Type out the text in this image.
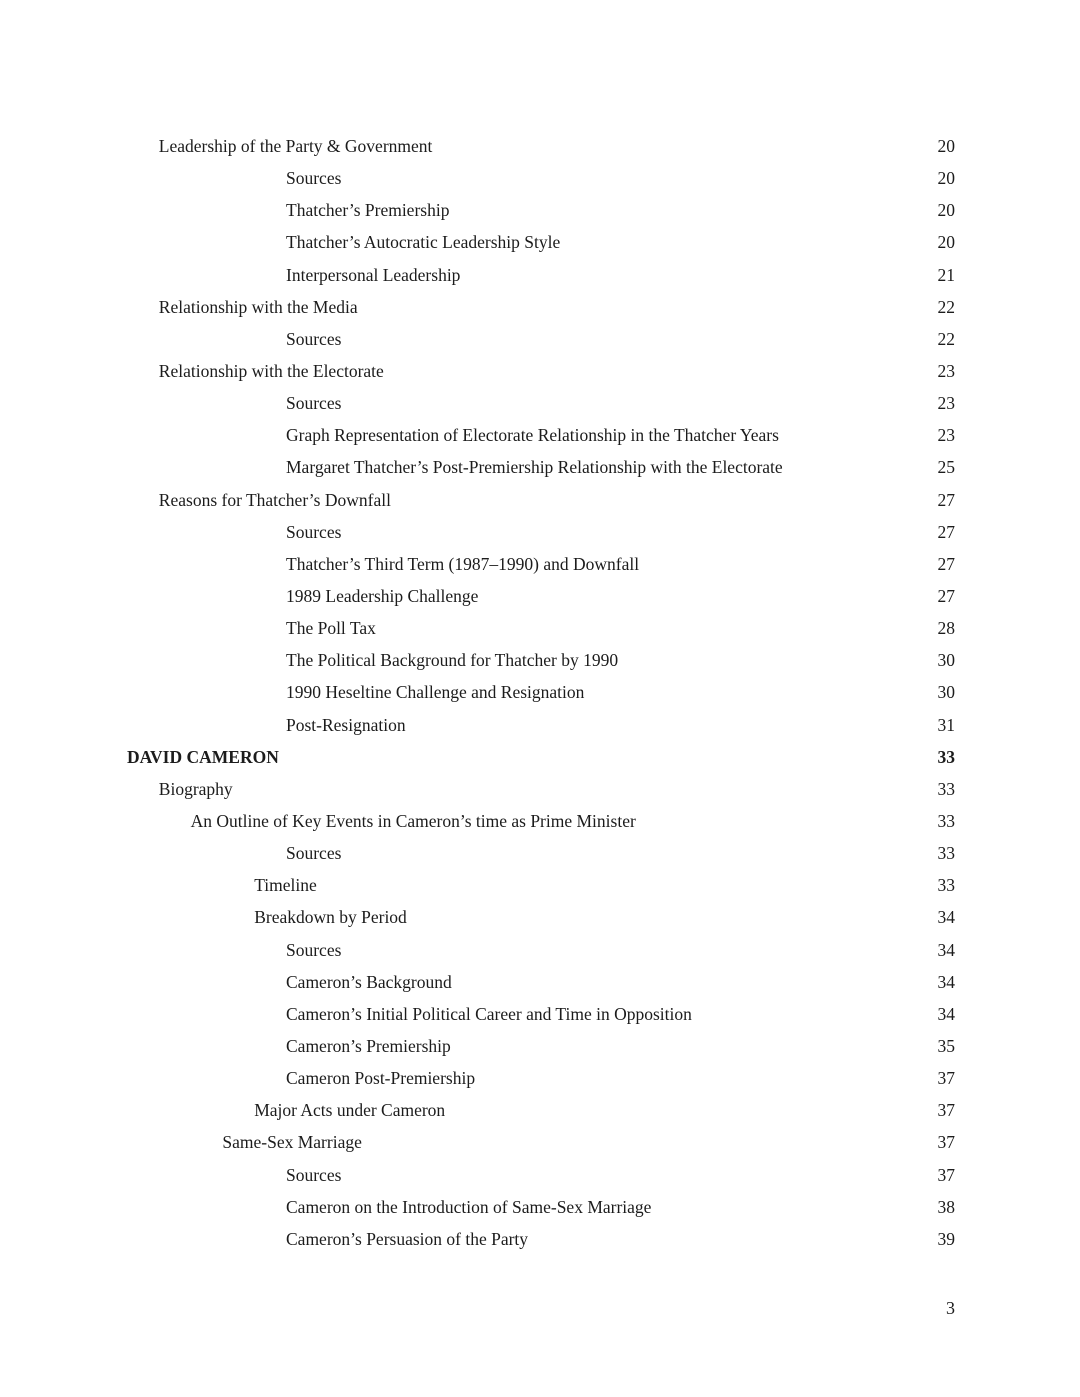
Leadership of the Party & Government	20
Sources	20
Thatcher’s Premiership	20
Thatcher’s Autocratic Leadership Style	20
Interpersonal Leadership	21
Relationship with the Media	22
Sources	22
Relationship with the Electorate	23
Sources	23
Graph Representation of Electorate Relationship in the Thatcher Years	23
Margaret Thatcher’s Post-Premiership Relationship with the Electorate	25
Reasons for Thatcher’s Downfall	27
Sources	27
Thatcher’s Third Term (1987–1990) and Downfall	27
1989 Leadership Challenge	27
The Poll Tax	28
The Political Background for Thatcher by 1990	30
1990 Heseltine Challenge and Resignation	30
Post-Resignation	31
DAVID CAMERON	33
Biography	33
An Outline of Key Events in Cameron’s time as Prime Minister	33
Sources	33
Timeline	33
Breakdown by Period	34
Sources	34
Cameron’s Background	34
Cameron’s Initial Political Career and Time in Opposition	34
Cameron’s Premiership	35
Cameron Post-Premiership	37
Major Acts under Cameron	37
Same-Sex Marriage	37
Sources	37
Cameron on the Introduction of Same-Sex Marriage	38
Cameron’s Persuasion of the Party	39
3
